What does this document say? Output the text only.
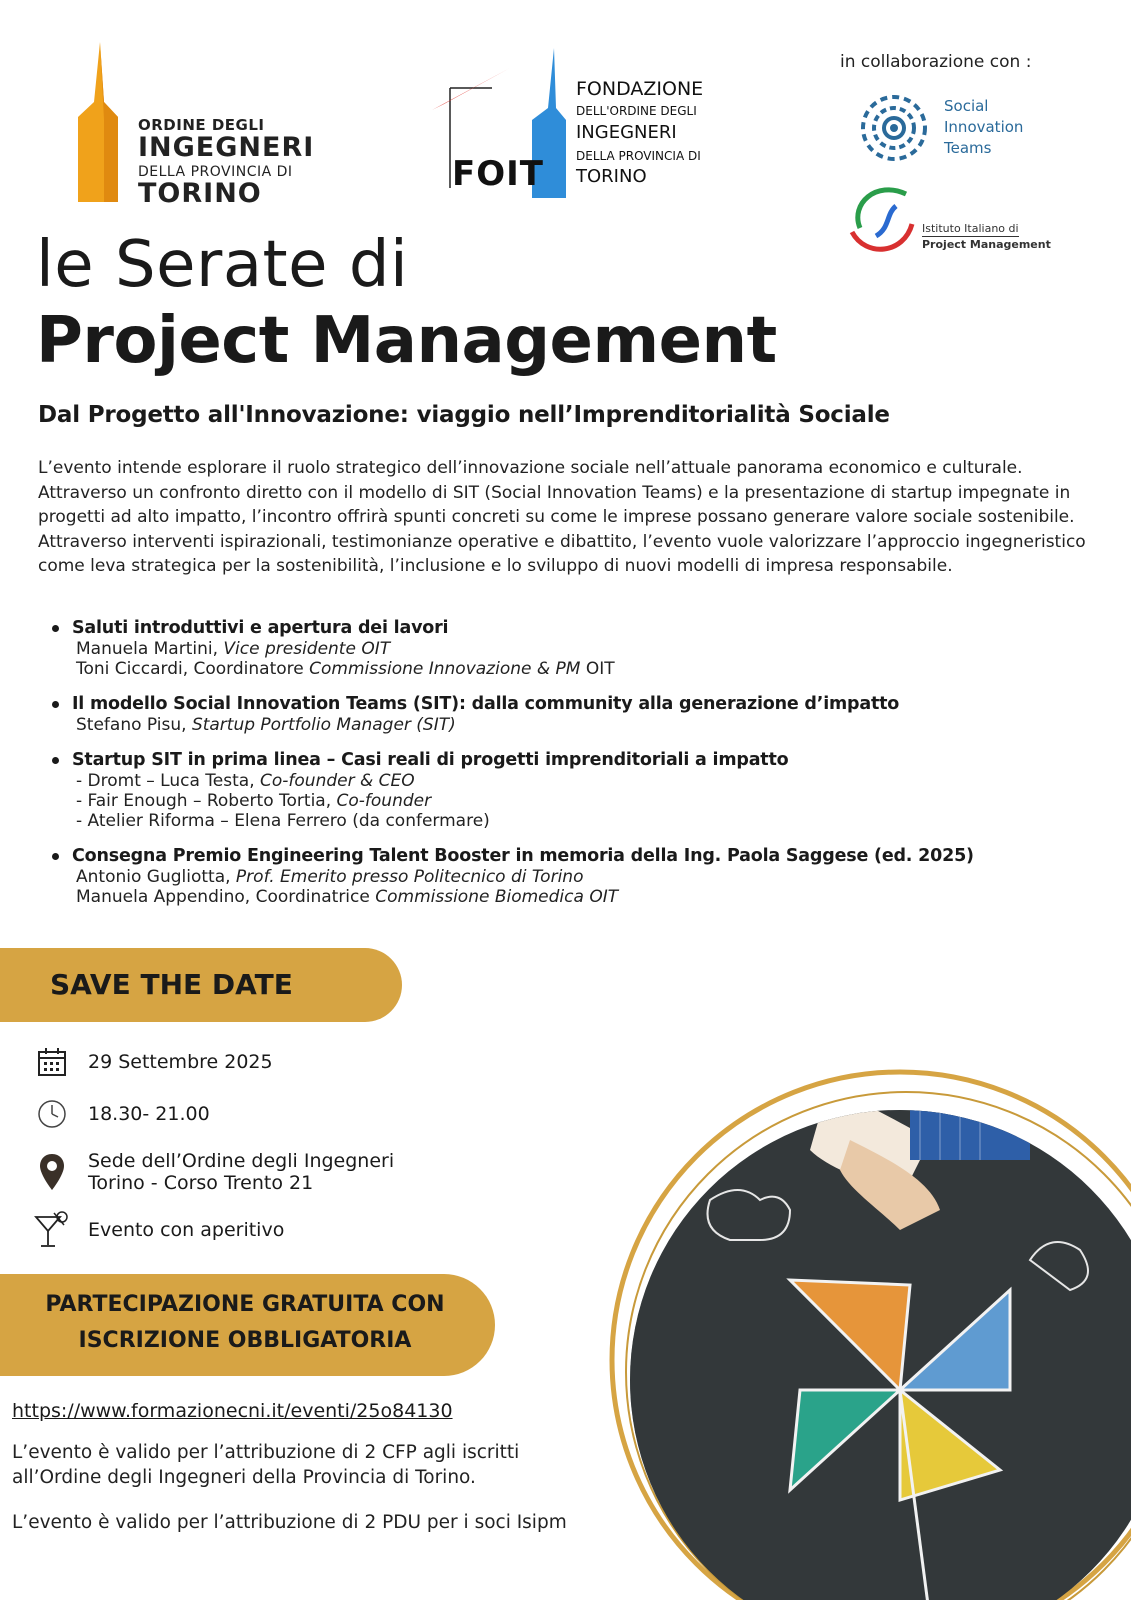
ORDINE DEGLI
INGEGNERI
DELLA PROVINCIA DI
TORINO	FOIT
FONDAZIONE
DELL'ORDINE DEGLI
INGEGNERI
DELLA PROVINCIA DI
TORINO
in collaborazione con :
Social
Innovation
Teams
Istituto Italiano di
Project Management
le Serate di
Project Management
Dal Progetto all'Innovazione: viaggio nell’Imprenditorialità Sociale

L’evento intende esplorare il ruolo strategico dell’innovazione sociale nell’attuale panorama economico e culturale. Attraverso un confronto diretto con il modello di SIT (Social Innovation Teams) e la presentazione di startup impegnate in progetti ad alto impatto, l’incontro offrirà spunti concreti su come le imprese possano generare valore sociale sostenibile. Attraverso interventi ispirazionali, testimonianze operative e dibattito, l’evento vuole valorizzare l’approccio ingegneristico come leva strategica per la sostenibilità, l’inclusione e lo sviluppo di nuovi modelli di impresa responsabile.

Saluti introduttivi e apertura dei lavori
Manuela Martini, Vice presidente OIT
Toni Ciccardi, Coordinatore Commissione Innovazione & PM OIT
Il modello Social Innovation Teams (SIT): dalla community alla generazione d’impatto
Stefano Pisu, Startup Portfolio Manager (SIT)
Startup SIT in prima linea – Casi reali di progetti imprenditoriali a impatto
- Dromt – Luca Testa, Co-founder & CEO
- Fair Enough – Roberto Tortia, Co-founder
- Atelier Riforma – Elena Ferrero (da confermare)
Consegna Premio Engineering Talent Booster in memoria della Ing. Paola Saggese (ed. 2025)
Antonio Gugliotta, Prof. Emerito presso Politecnico di Torino
Manuela Appendino, Coordinatrice Commissione Biomedica OIT
SAVE THE DATE
29 Settembre 2025
18.30- 21.00
Sede dell’Ordine degli Ingegneri
Torino - Corso Trento 21
Evento con aperitivo
PARTECIPAZIONE GRATUITA CON
ISCRIZIONE OBBLIGATORIA
https://www.formazionecni.it/eventi/25o84130

L’evento è valido per l’attribuzione di 2 CFP agli iscritti all’Ordine degli Ingegneri della Provincia di Torino.

L’evento è valido per l’attribuzione di 2 PDU per i soci Isipm
